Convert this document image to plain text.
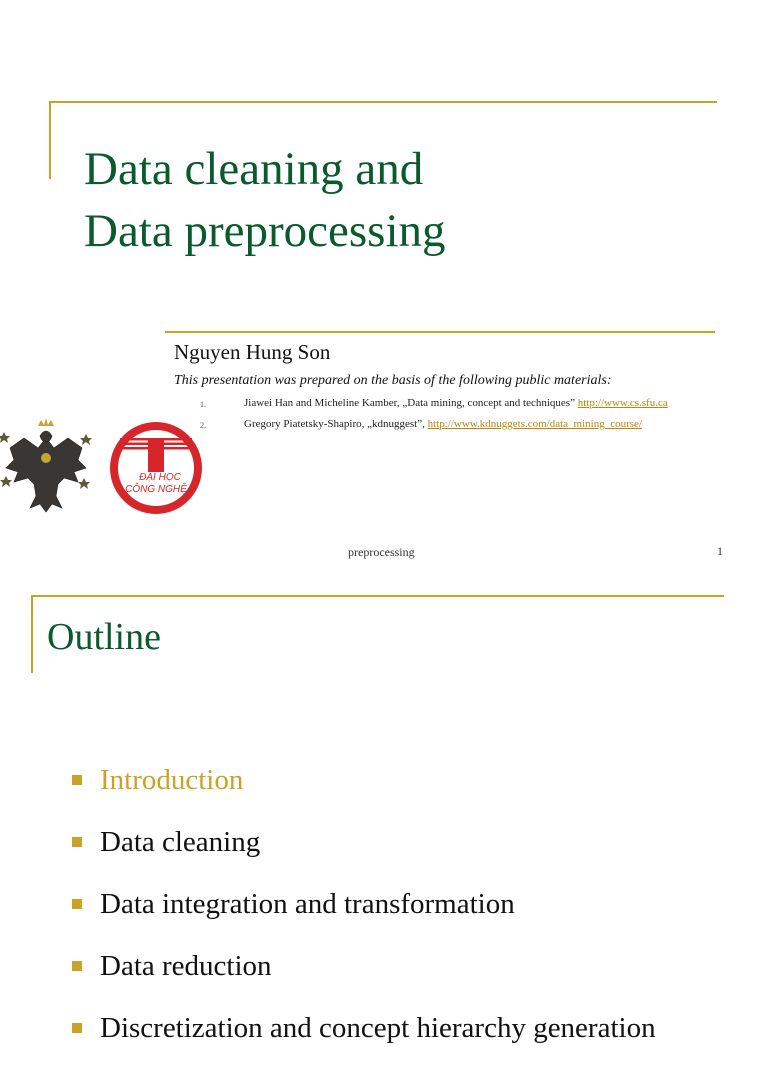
Data cleaning and
Data preprocessing
Nguyen Hung Son
This presentation was prepared on the basis of the following public materials:
1.	Jiawei Han and Micheline Kamber, „Data mining, concept and techniques” http://www.cs.sfu.ca
2.	Gregory Piatetsky-Shapiro, „kdnuggest”, http://www.kdnuggets.com/data_mining_course/
ĐẠI HỌC
CÔNG NGHỆ
preprocessing	1
Outline
Introduction
Data cleaning
Data integration and transformation
Data reduction
Discretization and concept hierarchy generation
